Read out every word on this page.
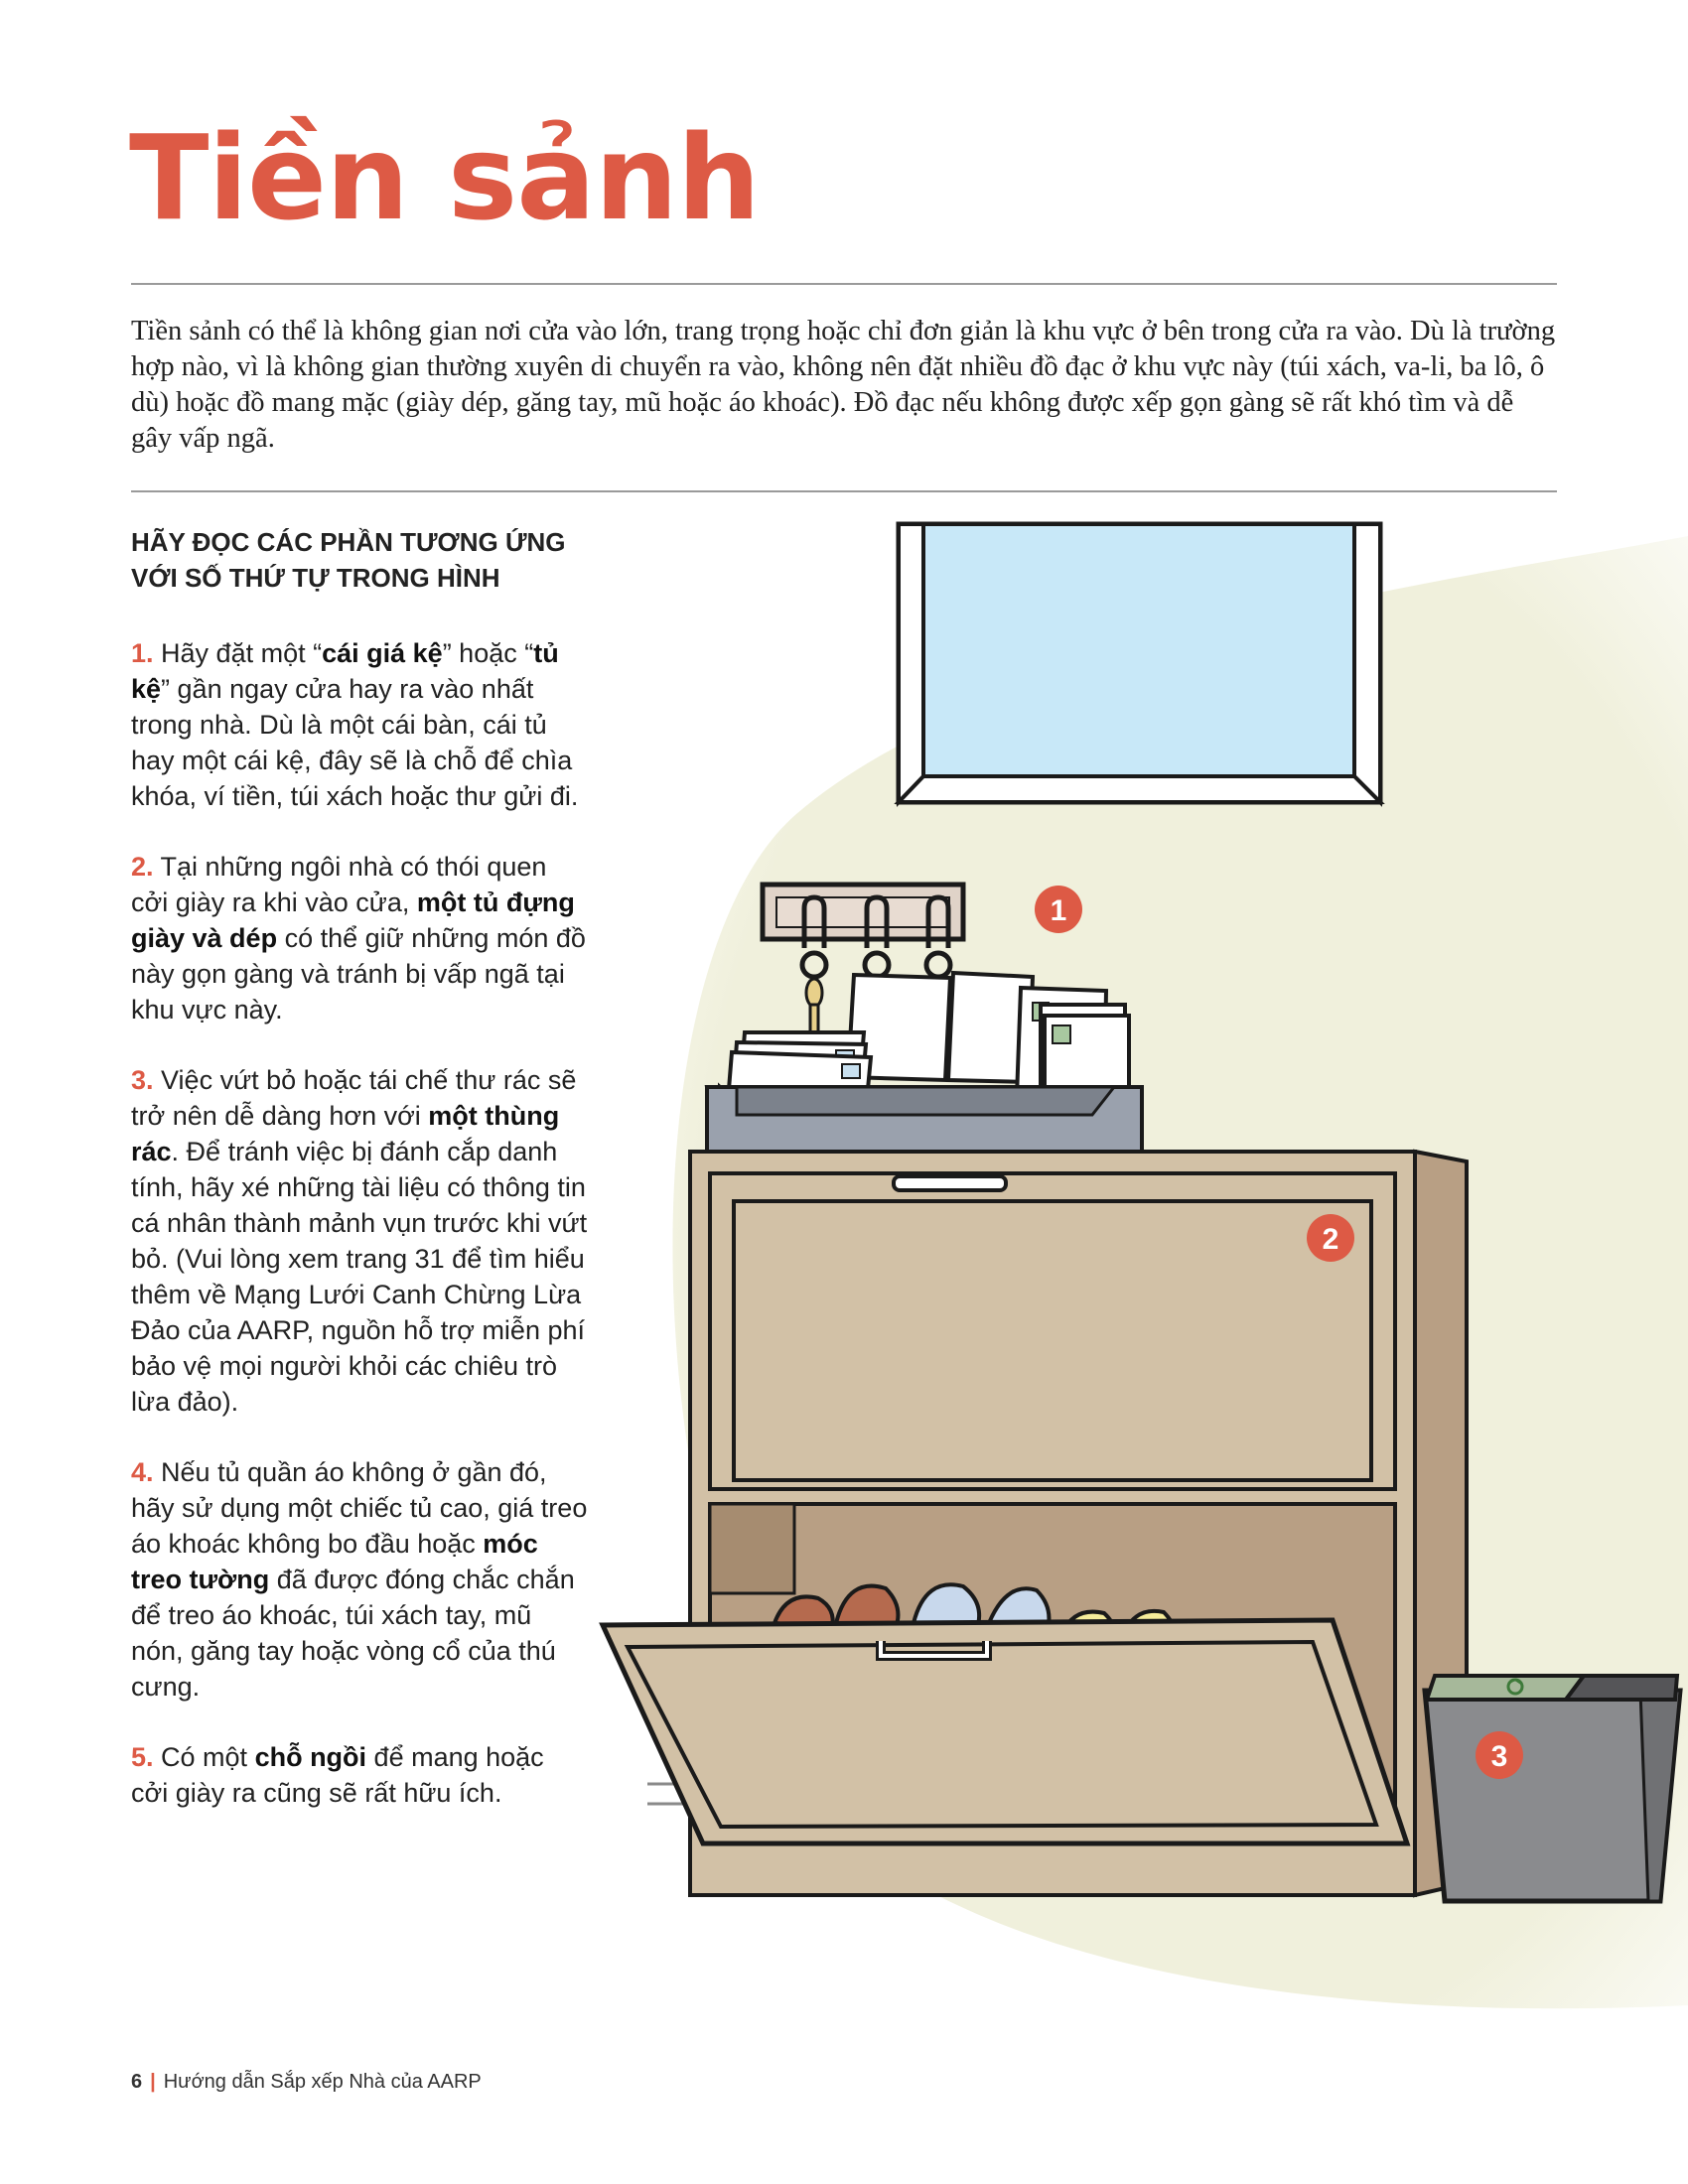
Tiền sảnh

Tiền sảnh có thể là không gian nơi cửa vào lớn, trang trọng hoặc chỉ đơn giản là khu vực ở bên trong cửa ra vào. Dù là trường hợp nào, vì là không gian thường xuyên di chuyển ra vào, không nên đặt nhiều đồ đạc ở khu vực này (túi xách, va-li, ba lô, ô dù) hoặc đồ mang mặc (giày dép, găng tay, mũ hoặc áo khoác). Đồ đạc nếu không được xếp gọn gàng sẽ rất khó tìm và dễ gây vấp ngã.

HÃY ĐỌC CÁC PHẦN TƯƠNG ỨNG
VỚI SỐ THỨ TỰ TRONG HÌNH

1. Hãy đặt một “cái giá kệ” hoặc “tủ kệ” gần ngay cửa hay ra vào nhất trong nhà. Dù là một cái bàn, cái tủ hay một cái kệ, đây sẽ là chỗ để chìa khóa, ví tiền, túi xách hoặc thư gửi đi.

2. Tại những ngôi nhà có thói quen cởi giày ra khi vào cửa, một tủ đựng giày và dép có thể giữ những món đồ này gọn gàng và tránh bị vấp ngã tại khu vực này.

3. Việc vứt bỏ hoặc tái chế thư rác sẽ trở nên dễ dàng hơn với một thùng rác. Để tránh việc bị đánh cắp danh tính, hãy xé những tài liệu có thông tin cá nhân thành mảnh vụn trước khi vứt bỏ. (Vui lòng xem trang 31 để tìm hiểu thêm về Mạng Lưới Canh Chừng Lừa Đảo của AARP, nguồn hỗ trợ miễn phí bảo vệ mọi người khỏi các chiêu trò lừa đảo).

4. Nếu tủ quần áo không ở gần đó, hãy sử dụng một chiếc tủ cao, giá treo áo khoác không bo đầu hoặc móc treo tường đã được đóng chắc chắn để treo áo khoác, túi xách tay, mũ nón, găng tay hoặc vòng cổ của thú cưng.

5. Có một chỗ ngồi để mang hoặc cởi giày ra cũng sẽ rất hữu ích.

1
2
3
6 | Hướng dẫn Sắp xếp Nhà của AARP
